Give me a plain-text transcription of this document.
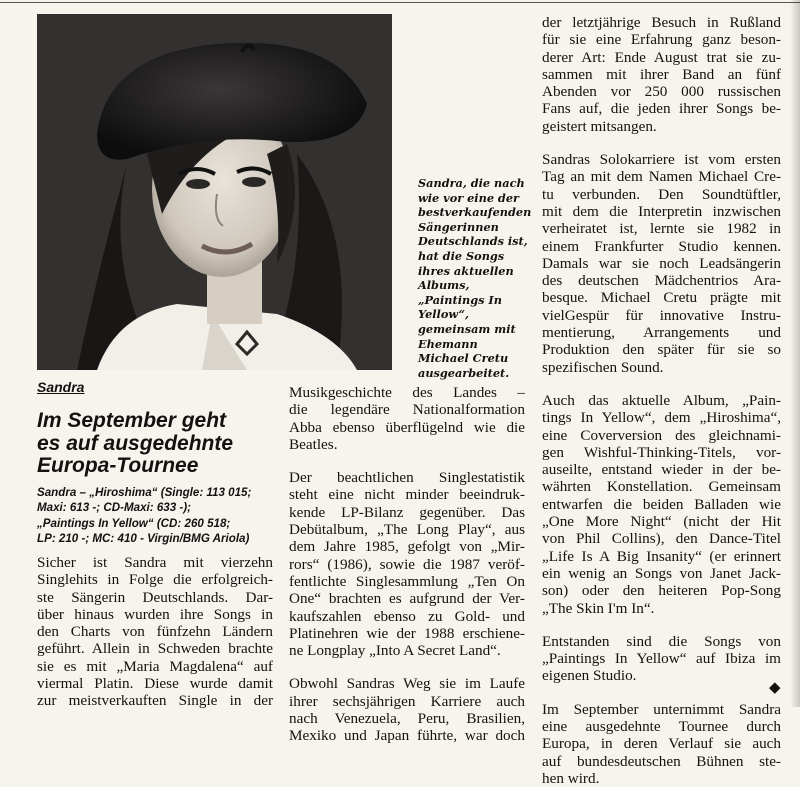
Sandra, die nach
wie vor eine der
bestverkaufenden
Sängerinnen
Deutschlands ist,
hat die Songs
ihres aktuellen
Albums,
„Paintings In
Yellow“,
gemeinsam mit
Ehemann
Michael Cretu
ausgearbeitet.
Sandra
Im September geht
es auf ausgedehnte
Europa-Tournee
Sandra – „Hiroshima“ (Single: 113 015;
Maxi: 613 -; CD-Maxi: 633 -);
„Paintings In Yellow“ (CD: 260 518;
LP: 210 -; MC: 410 - Virgin/BMG Ariola)
Sicher ist Sandra mit vierzehn
Singlehits in Folge die erfolgreich-
ste Sängerin Deutschlands. Dar-
über hinaus wurden ihre Songs in
den Charts von fünfzehn Ländern
geführt. Allein in Schweden brachte
sie es mit „Maria Magdalena“ auf
viermal Platin. Diese wurde damit
zur meistverkauften Single in der
Musikgeschichte des Landes –
die legendäre Nationalformation
Abba ebenso überflügelnd wie die
Beatles.
Der beachtlichen Singlestatistik
steht eine nicht minder beeindruk-
kende LP-Bilanz gegenüber. Das
Debütalbum, „The Long Play“, aus
dem Jahre 1985, gefolgt von „Mir-
rors“ (1986), sowie die 1987 veröf-
fentlichte Singlesammlung „Ten On
One“ brachten es aufgrund der Ver-
kaufszahlen ebenso zu Gold- und
Platinehren wie der 1988 erschiene-
ne Longplay „Into A Secret Land“.
Obwohl Sandras Weg sie im Laufe
ihrer sechsjährigen Karriere auch
nach Venezuela, Peru, Brasilien,
Mexiko und Japan führte, war doch
der letztjährige Besuch in Rußland
für sie eine Erfahrung ganz beson-
derer Art: Ende August trat sie zu-
sammen mit ihrer Band an fünf
Abenden vor 250 000 russischen
Fans auf, die jeden ihrer Songs be-
geistert mitsangen.
Sandras Solokarriere ist vom ersten
Tag an mit dem Namen Michael Cre-
tu verbunden. Den Soundtüftler,
mit dem die Interpretin inzwischen
verheiratet ist, lernte sie 1982 in
einem Frankfurter Studio kennen.
Damals war sie noch Leadsängerin
des deutschen Mädchentrios Ara-
besque. Michael Cretu prägte mit
vielGespür für innovative Instru-
mentierung, Arrangements und
Produktion den später für sie so
spezifischen Sound.
Auch das aktuelle Album, „Pain-
tings In Yellow“, dem „Hiroshima“,
eine Coverversion des gleichnami-
gen Wishful-Thinking-Titels, vor-
auseilte, entstand wieder in der be-
währten Konstellation. Gemeinsam
entwarfen die beiden Balladen wie
„One More Night“ (nicht der Hit
von Phil Collins), den Dance-Titel
„Life Is A Big Insanity“ (er erinnert
ein wenig an Songs von Janet Jack-
son) oder den heiteren Pop-Song
„The Skin I'm In“.
Entstanden sind die Songs von
„Paintings In Yellow“ auf Ibiza im
eigenen Studio.
Im September unternimmt Sandra
eine ausgedehnte Tournee durch
Europa, in deren Verlauf sie auch
auf bundesdeutschen Bühnen ste-
hen wird.
◆
